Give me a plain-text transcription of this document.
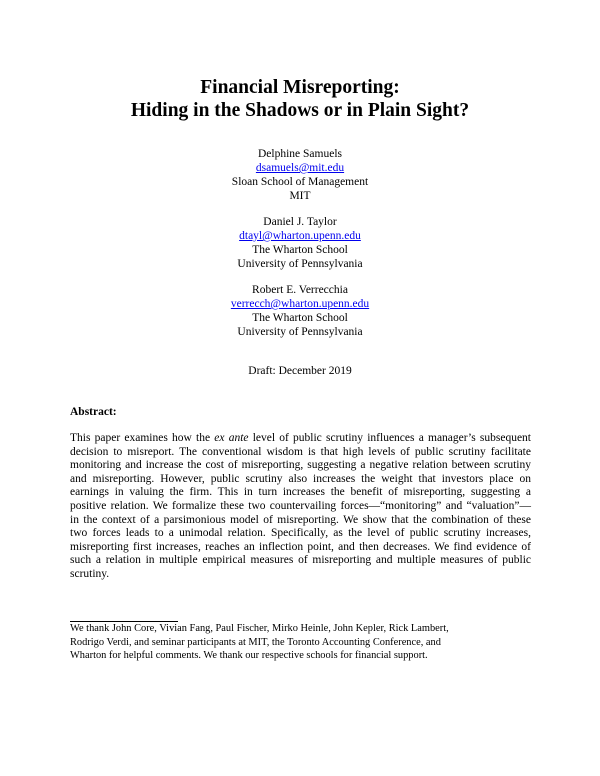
Financial Misreporting:
Hiding in the Shadows or in Plain Sight?
Delphine Samuels
dsamuels@mit.edu
Sloan School of Management
MIT
Daniel J. Taylor
dtayl@wharton.upenn.edu
The Wharton School
University of Pennsylvania
Robert E. Verrecchia
verrecch@wharton.upenn.edu
The Wharton School
University of Pennsylvania
Draft: December 2019
Abstract:
This paper examines how the ex ante level of public scrutiny influences a manager’s subsequent
decision to misreport. The conventional wisdom is that high levels of public scrutiny facilitate
monitoring and increase the cost of misreporting, suggesting a negative relation between scrutiny
and misreporting. However, public scrutiny also increases the weight that investors place on
earnings in valuing the firm. This in turn increases the benefit of misreporting, suggesting a
positive relation. We formalize these two countervailing forces—“monitoring” and “valuation”—
in the context of a parsimonious model of misreporting. We show that the combination of these
two forces leads to a unimodal relation. Specifically, as the level of public scrutiny increases,
misreporting first increases, reaches an inflection point, and then decreases. We find evidence of
such a relation in multiple empirical measures of misreporting and multiple measures of public
scrutiny.
We thank John Core, Vivian Fang, Paul Fischer, Mirko Heinle, John Kepler, Rick Lambert,
Rodrigo Verdi, and seminar participants at MIT, the Toronto Accounting Conference, and
Wharton for helpful comments. We thank our respective schools for financial support.
